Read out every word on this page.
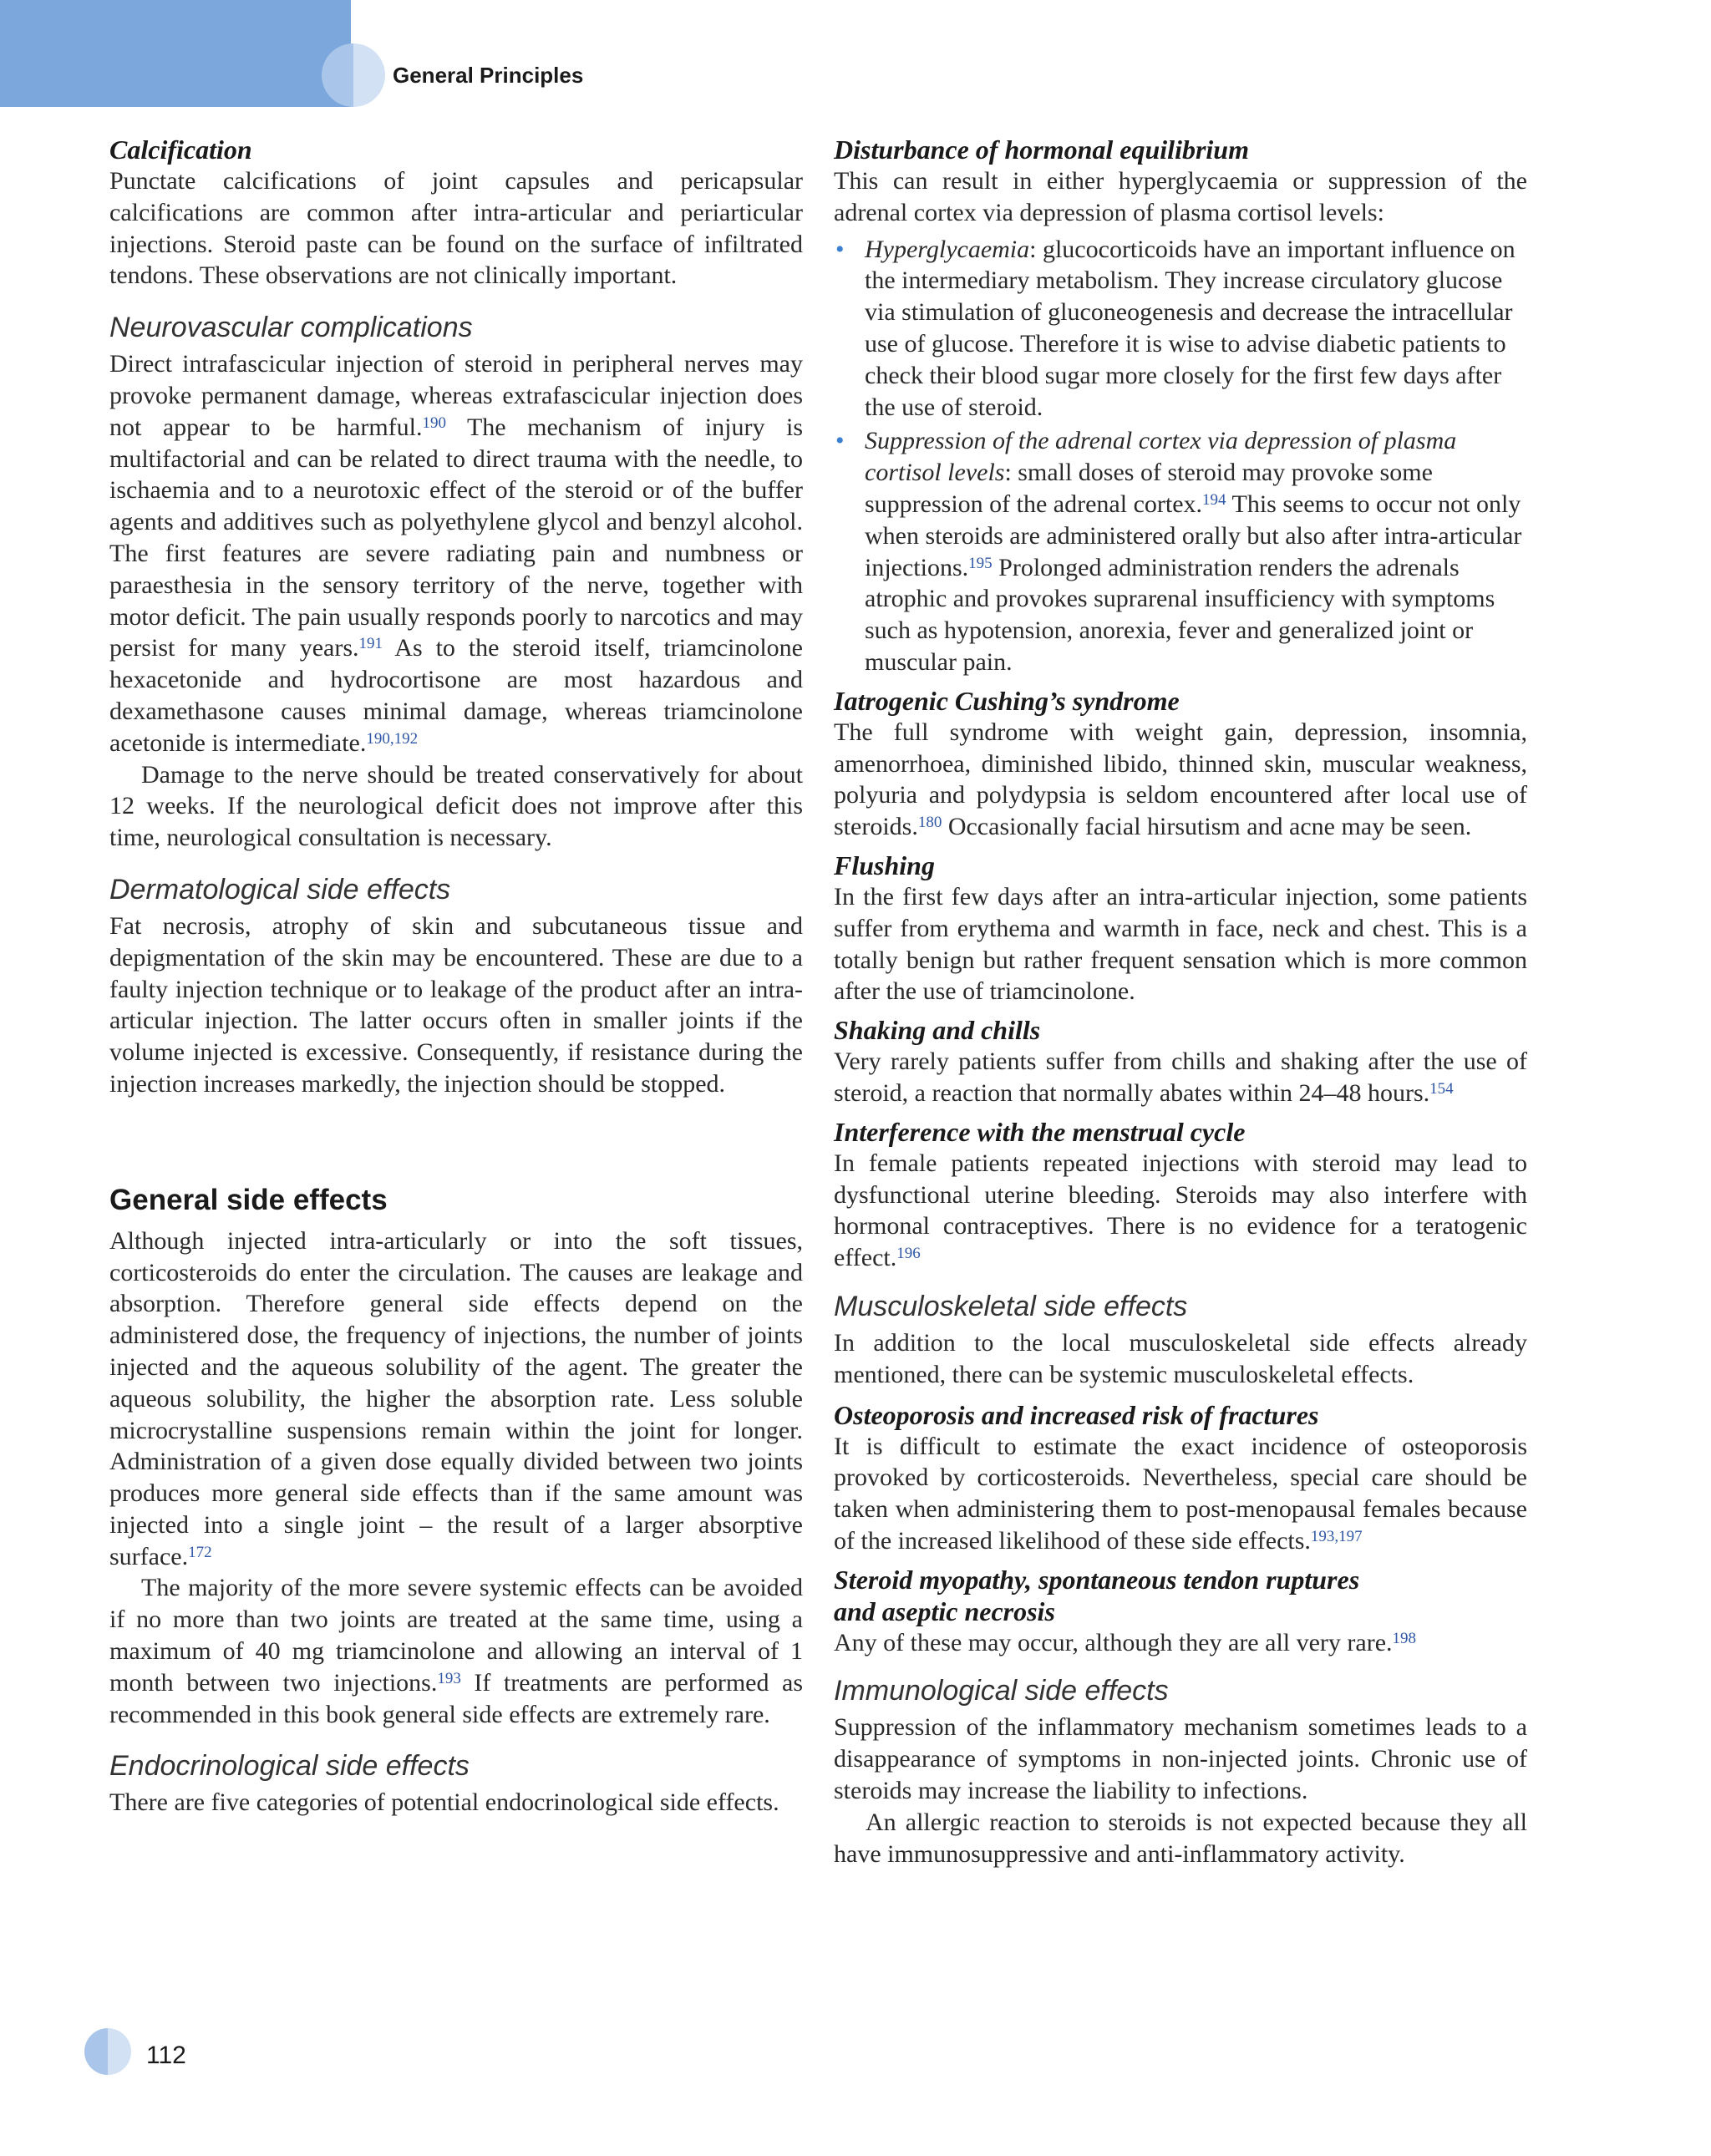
General Principles
Calcification

Punctate calcifications of joint capsules and pericapsular calcifications are common after intra-articular and periarticular injections. Steroid paste can be found on the surface of infiltrated tendons. These observations are not clinically important.

Neurovascular complications

Direct intrafascicular injection of steroid in peripheral nerves may provoke permanent damage, whereas extrafascicular injection does not appear to be harmful.$^{190}$ The mechanism of injury is multifactorial and can be related to direct trauma with the needle, to ischaemia and to a neurotoxic effect of the steroid or of the buffer agents and additives such as polyethylene glycol and benzyl alcohol. The first features are severe radiating pain and numbness or paraesthesia in the sensory territory of the nerve, together with motor deficit. The pain usually responds poorly to narcotics and may persist for many years.$^{191}$ As to the steroid itself, triamcinolone hexacetonide and hydrocortisone are most hazardous and dexamethasone causes minimal damage, whereas triamcinolone acetonide is intermediate.$^{190,192}$

Damage to the nerve should be treated conservatively for about 12 weeks. If the neurological deficit does not improve after this time, neurological consultation is necessary.

Dermatological side effects

Fat necrosis, atrophy of skin and subcutaneous tissue and depigmentation of the skin may be encountered. These are due to a faulty injection technique or to leakage of the product after an intra-articular injection. The latter occurs often in smaller joints if the volume injected is excessive. Consequently, if resistance during the injection increases markedly, the injection should be stopped.

General side effects

Although injected intra-articularly or into the soft tissues, corticosteroids do enter the circulation. The causes are leakage and absorption. Therefore general side effects depend on the administered dose, the frequency of injections, the number of joints injected and the aqueous solubility of the agent. The greater the aqueous solubility, the higher the absorption rate. Less soluble microcrystalline suspensions remain within the joint for longer. Administration of a given dose equally divided between two joints produces more general side effects than if the same amount was injected into a single joint – the result of a larger absorptive surface.$^{172}$

The majority of the more severe systemic effects can be avoided if no more than two joints are treated at the same time, using a maximum of 40 mg triamcinolone and allowing an interval of 1 month between two injections.$^{193}$ If treatments are performed as recommended in this book general side effects are extremely rare.

Endocrinological side effects

There are five categories of potential endocrinological side effects.

Disturbance of hormonal equilibrium

This can result in either hyperglycaemia or suppression of the adrenal cortex via depression of plasma cortisol levels:

• Hyperglycaemia: glucocorticoids have an important influence on the intermediary metabolism. They increase circulatory glucose via stimulation of gluconeogenesis and decrease the intracellular use of glucose. Therefore it is wise to advise diabetic patients to check their blood sugar more closely for the first few days after the use of steroid.
• Suppression of the adrenal cortex via depression of plasma cortisol levels: small doses of steroid may provoke some suppression of the adrenal cortex.$^{194}$ This seems to occur not only when steroids are administered orally but also after intra-articular injections.$^{195}$ Prolonged administration renders the adrenals atrophic and provokes suprarenal insufficiency with symptoms such as hypotension, anorexia, fever and generalized joint or muscular pain.
Iatrogenic Cushing’s syndrome

The full syndrome with weight gain, depression, insomnia, amenorrhoea, diminished libido, thinned skin, muscular weakness, polyuria and polydypsia is seldom encountered after local use of steroids.$^{180}$ Occasionally facial hirsutism and acne may be seen.

Flushing

In the first few days after an intra-articular injection, some patients suffer from erythema and warmth in face, neck and chest. This is a totally benign but rather frequent sensation which is more common after the use of triamcinolone.

Shaking and chills

Very rarely patients suffer from chills and shaking after the use of steroid, a reaction that normally abates within 24–48 hours.$^{154}$

Interference with the menstrual cycle

In female patients repeated injections with steroid may lead to dysfunctional uterine bleeding. Steroids may also interfere with hormonal contraceptives. There is no evidence for a teratogenic effect.$^{196}$

Musculoskeletal side effects

In addition to the local musculoskeletal side effects already mentioned, there can be systemic musculoskeletal effects.

Osteoporosis and increased risk of fractures

It is difficult to estimate the exact incidence of osteoporosis provoked by corticosteroids. Nevertheless, special care should be taken when administering them to post-menopausal females because of the increased likelihood of these side effects.$^{193,197}$

Steroid myopathy, spontaneous tendon ruptures
and aseptic necrosis

Any of these may occur, although they are all very rare.$^{198}$

Immunological side effects

Suppression of the inflammatory mechanism sometimes leads to a disappearance of symptoms in non-injected joints. Chronic use of steroids may increase the liability to infections.

An allergic reaction to steroids is not expected because they all have immunosuppressive and anti-inflammatory activity.

112
